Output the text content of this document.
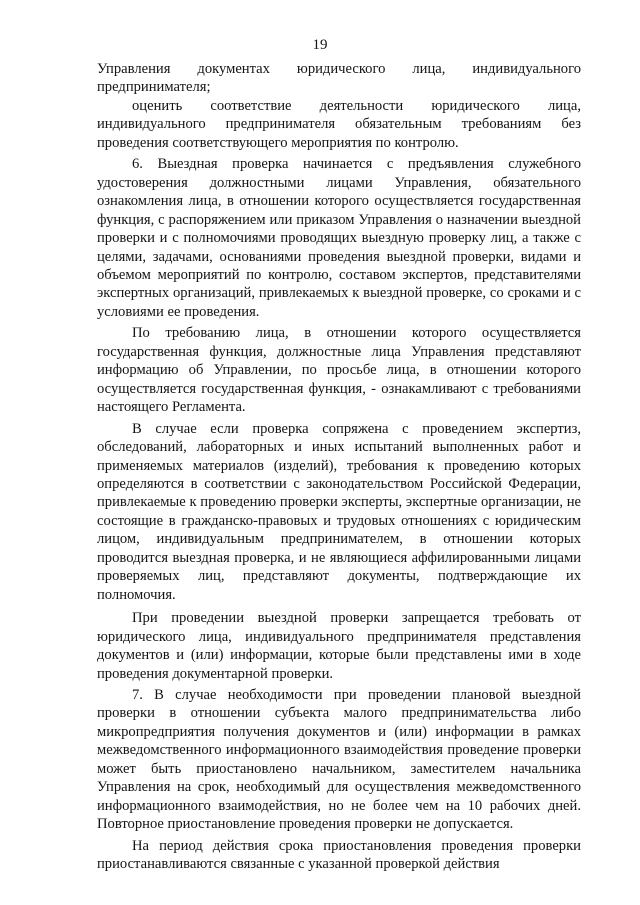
19

Управления документах юридического лица, индивидуального предпринимателя;

оценить соответствие деятельности юридического лица, индивидуального предпринимателя обязательным требованиям без проведения соответствующего мероприятия по контролю.

6. Выездная проверка начинается с предъявления служебного удостоверения должностными лицами Управления, обязательного ознакомления лица, в отношении которого осуществляется государственная функция, с распоряжением или приказом Управления о назначении выездной проверки и с полномочиями проводящих выездную проверку лиц, а также с целями, задачами, основаниями проведения выездной проверки, видами и объемом мероприятий по контролю, составом экспертов, представителями экспертных организаций, привлекаемых к выездной проверке, со сроками и с условиями ее проведения.

По требованию лица, в отношении которого осуществляется государственная функция, должностные лица Управления представляют информацию об Управлении, по просьбе лица, в отношении которого осуществляется государственная функция, - ознакамливают с требованиями настоящего Регламента.

В случае если проверка сопряжена с проведением экспертиз, обследований, лабораторных и иных испытаний выполненных работ и применяемых материалов (изделий), требования к проведению которых определяются в соответствии с законодательством Российской Федерации, привлекаемые к проведению проверки эксперты, экспертные организации, не состоящие в гражданско-правовых и трудовых отношениях с юридическим лицом, индивидуальным предпринимателем, в отношении которых проводится выездная проверка, и не являющиеся аффилированными лицами проверяемых лиц, представляют документы, подтверждающие их полномочия.

При проведении выездной проверки запрещается требовать от юридического лица, индивидуального предпринимателя представления документов и (или) информации, которые были представлены ими в ходе проведения документарной проверки.

7. В случае необходимости при проведении плановой выездной проверки в отношении субъекта малого предпринимательства либо микропредприятия получения документов и (или) информации в рамках межведомственного информационного взаимодействия проведение проверки может быть приостановлено начальником, заместителем начальника Управления на срок, необходимый для осуществления межведомственного информационного взаимодействия, но не более чем на 10 рабочих дней. Повторное приостановление проведения проверки не допускается.

На период действия срока приостановления проведения проверки приостанавливаются связанные с указанной проверкой действия
